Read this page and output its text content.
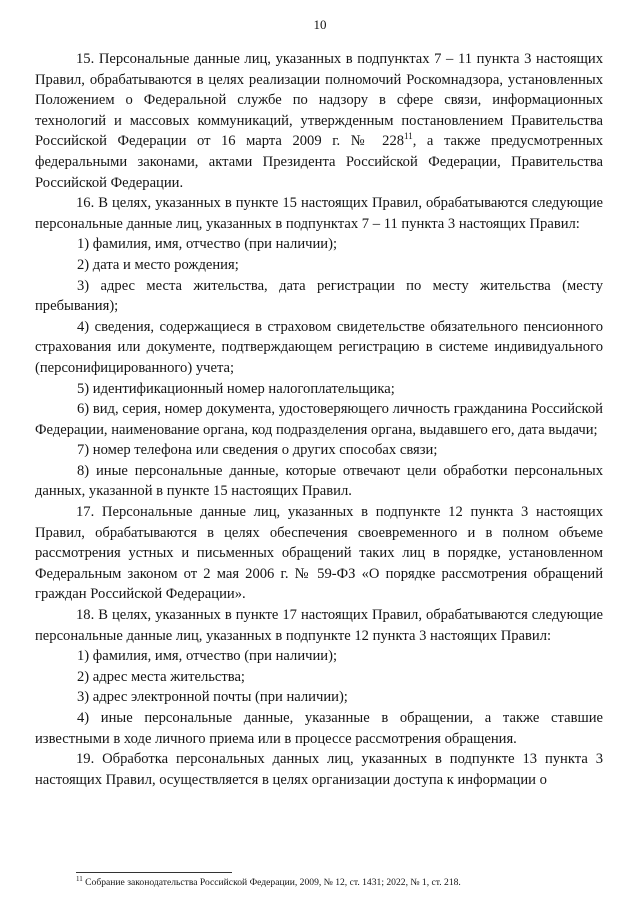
10

15. Персональные данные лиц, указанных в подпунктах 7 – 11 пункта 3 настоящих Правил, обрабатываются в целях реализации полномочий Роскомнадзора, установленных Положением о Федеральной службе по надзору в сфере связи, информационных технологий и массовых коммуникаций, утвержденным постановлением Правительства Российской Федерации от 16 марта 2009 г. № $228^{11}$, а также предусмотренных федеральными законами, актами Президента Российской Федерации, Правительства Российской Федерации.

16. В целях, указанных в пункте 15 настоящих Правил, обрабатываются следующие персональные данные лиц, указанных в подпунктах 7 – 11 пункта 3 настоящих Правил:

1) фамилия, имя, отчество (при наличии);

2) дата и место рождения;

3) адрес места жительства, дата регистрации по месту жительства (месту пребывания);

4) сведения, содержащиеся в страховом свидетельстве обязательного пенсионного страхования или документе, подтверждающем регистрацию в системе индивидуального (персонифицированного) учета;

5) идентификационный номер налогоплательщика;

6) вид, серия, номер документа, удостоверяющего личность гражданина Российской Федерации, наименование органа, код подразделения органа, выдавшего его, дата выдачи;

7) номер телефона или сведения о других способах связи;

8) иные персональные данные, которые отвечают цели обработки персональных данных, указанной в пункте 15 настоящих Правил.

17. Персональные данные лиц, указанных в подпункте 12 пункта 3 настоящих Правил, обрабатываются в целях обеспечения своевременного и в полном объеме рассмотрения устных и письменных обращений таких лиц в порядке, установленном Федеральным законом от 2 мая 2006 г. № 59-ФЗ «О порядке рассмотрения обращений граждан Российской Федерации».

18. В целях, указанных в пункте 17 настоящих Правил, обрабатываются следующие персональные данные лиц, указанных в подпункте 12 пункта 3 настоящих Правил:

1) фамилия, имя, отчество (при наличии);

2) адрес места жительства;

3) адрес электронной почты (при наличии);

4) иные персональные данные, указанные в обращении, а также ставшие известными в ходе личного приема или в процессе рассмотрения обращения.

19. Обработка персональных данных лиц, указанных в подпункте 13 пункта 3 настоящих Правил, осуществляется в целях организации доступа к информации о

$^{11}$ Собрание законодательства Российской Федерации, 2009, № 12, ст. 1431; 2022, № 1, ст. 218.
